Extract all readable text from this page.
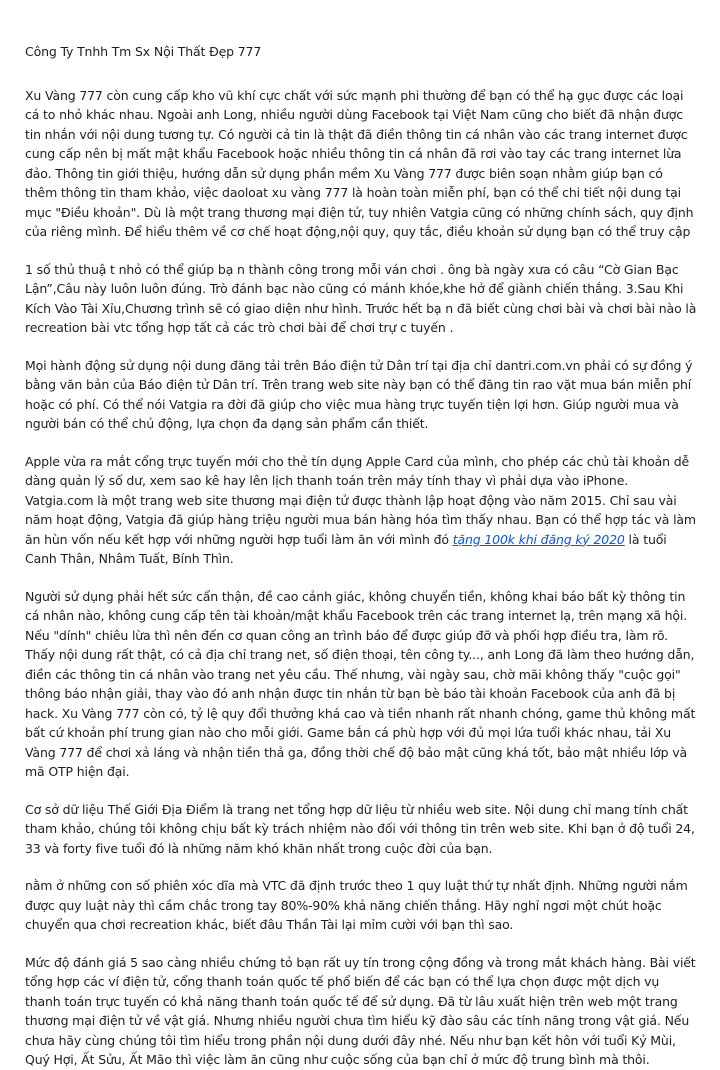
Công Ty Tnhh Tm Sx Nội Thất Đẹp 777

Xu Vàng 777 còn cung cấp kho vũ khí cực chất với sức mạnh phi thường để bạn có thể hạ gục được các loại cá to nhỏ khác nhau. Ngoài anh Long, nhiều người dùng Facebook tại Việt Nam cũng cho biết đã nhận được tin nhắn với nội dung tương tự. Có người cả tin là thật đã điền thông tin cá nhân vào các trang internet được cung cấp nên bị mất mật khẩu Facebook hoặc nhiều thông tin cá nhân đã rơi vào tay các trang internet lừa đảo. Thông tin giới thiệu, hướng dẫn sử dụng phần mềm Xu Vàng 777 được biên soạn nhằm giúp bạn có thêm thông tin tham khảo, việc daoloat xu vàng 777 là hoàn toàn miễn phí, bạn có thể chi tiết nội dung tại mục "Điều khoản". Dù là một trang thương mại điện tử, tuy nhiên Vatgia cũng có những chính sách, quy định của riêng mình. Để hiểu thêm về cơ chế hoạt động,nội quy, quy tắc, điều khoản sử dụng bạn có thể truy cập

1 số thủ thuậ t nhỏ có thể giúp bạ n thành công trong mỗi ván chơi . ông bà ngày xưa có câu “Cờ Gian Bạc Lận”,Câu này luôn luôn đúng. Trò đánh bạc nào cũng có mánh khóe,khe hở để giành chiến thắng. 3.Sau Khi Kích Vào Tài Xỉu,Chương trình sẽ có giao diện như hình. Trước hết bạ n đã biết cùng chơi bài và chơi bài nào là recreation bài vtc tổng hợp tất cả các trò chơi bài để chơi trự c tuyến .

Mọi hành động sử dụng nội dung đăng tải trên Báo điện tử Dân trí tại địa chỉ dantri.com.vn phải có sự đồng ý bằng văn bản của Báo điện tử Dân trí. Trên trang web site này bạn có thể đăng tin rao vặt mua bán miễn phí hoặc có phí. Có thể nói Vatgia ra đời đã giúp cho việc mua hàng trực tuyến tiện lợi hơn. Giúp người mua và người bán có thể chủ động, lựa chọn đa dạng sản phẩm cần thiết.

Apple vừa ra mắt cổng trực tuyến mới cho thẻ tín dụng Apple Card của mình, cho phép các chủ tài khoản dễ dàng quản lý số dư, xem sao kê hay lên lịch thanh toán trên máy tính thay vì phải dựa vào iPhone. Vatgia.com là một trang web site thương mại điện tử được thành lập hoạt động vào năm 2015. Chỉ sau vài năm hoạt động, Vatgia đã giúp hàng triệu người mua bán hàng hóa tìm thấy nhau. Bạn có thể hợp tác và làm ăn hùn vốn nếu kết hợp với những người hợp tuổi làm ăn với mình đó tặng 100k khi đăng ký 2020 là tuổi Canh Thân, Nhâm Tuất, Bính Thìn.

Người sử dụng phải hết sức cẩn thận, đề cao cảnh giác, không chuyển tiền, không khai báo bất kỳ thông tin cá nhân nào, không cung cấp tên tài khoản/mật khẩu Facebook trên các trang internet lạ, trên mạng xã hội. Nếu "dính" chiêu lừa thì nên đến cơ quan công an trình báo để được giúp đỡ và phối hợp điều tra, làm rõ. Thấy nội dung rất thật, có cả địa chỉ trang net, số điện thoại, tên công ty..., anh Long đã làm theo hướng dẫn, điền các thông tin cá nhân vào trang net yêu cầu. Thế nhưng, vài ngày sau, chờ mãi không thấy "cuộc gọi" thông báo nhận giải, thay vào đó anh nhận được tin nhắn từ bạn bè báo tài khoản Facebook của anh đã bị hack. Xu Vàng 777 còn có, tỷ lệ quy đổi thưởng khá cao và tiền nhanh rất nhanh chóng, game thủ không mất bất cứ khoản phí trung gian nào cho mỗi giới. Game bắn cá phù hợp với đủ mọi lứa tuổi khác nhau, tải Xu Vàng 777 để chơi xả láng và nhận tiền thả ga, đồng thời chế độ bảo mật cũng khá tốt, bảo mật nhiều lớp và mã OTP hiện đại.

Cơ sở dữ liệu Thế Giới Địa Điểm là trang net tổng hợp dữ liệu từ nhiều web site. Nội dung chỉ mang tính chất tham khảo, chúng tôi không chịu bất kỳ trách nhiệm nào đối với thông tin trên web site. Khi bạn ở độ tuổi 24, 33 và forty five tuổi đó là những năm khó khăn nhất trong cuộc đời của bạn.

nằm ở những con số phiên xóc dĩa mà VTC đã định trước theo 1 quy luật thứ tự nhất định. Những người nắm được quy luật này thì cầm chắc trong tay 80%-90% khả năng chiến thắng. Hãy nghỉ ngơi một chút hoặc chuyển qua chơi recreation khác, biết đâu Thần Tài lại mỉm cười với bạn thì sao.

Mức độ đánh giá 5 sao càng nhiều chứng tỏ bạn rất uy tín trong cộng đồng và trong mắt khách hàng. Bài viết tổng hợp các ví điện tử, cổng thanh toán quốc tế phổ biến để các bạn có thể lựa chọn được một dịch vụ thanh toán trực tuyến có khả năng thanh toán quốc tế để sử dụng. Đã từ lâu xuất hiện trên web một trang thương mại điện tử về vật giá. Nhưng nhiều người chưa tìm hiểu kỹ đào sâu các tính năng trong vật giá. Nếu chưa hãy cùng chúng tôi tìm hiểu trong phần nội dung dưới đây nhé. Nếu như bạn kết hôn với tuổi Kỷ Mùi, Quý Hợi, Ất Sửu, Ất Mão thì việc làm ăn cũng như cuộc sống của bạn chỉ ở mức độ trung bình mà thôi.
